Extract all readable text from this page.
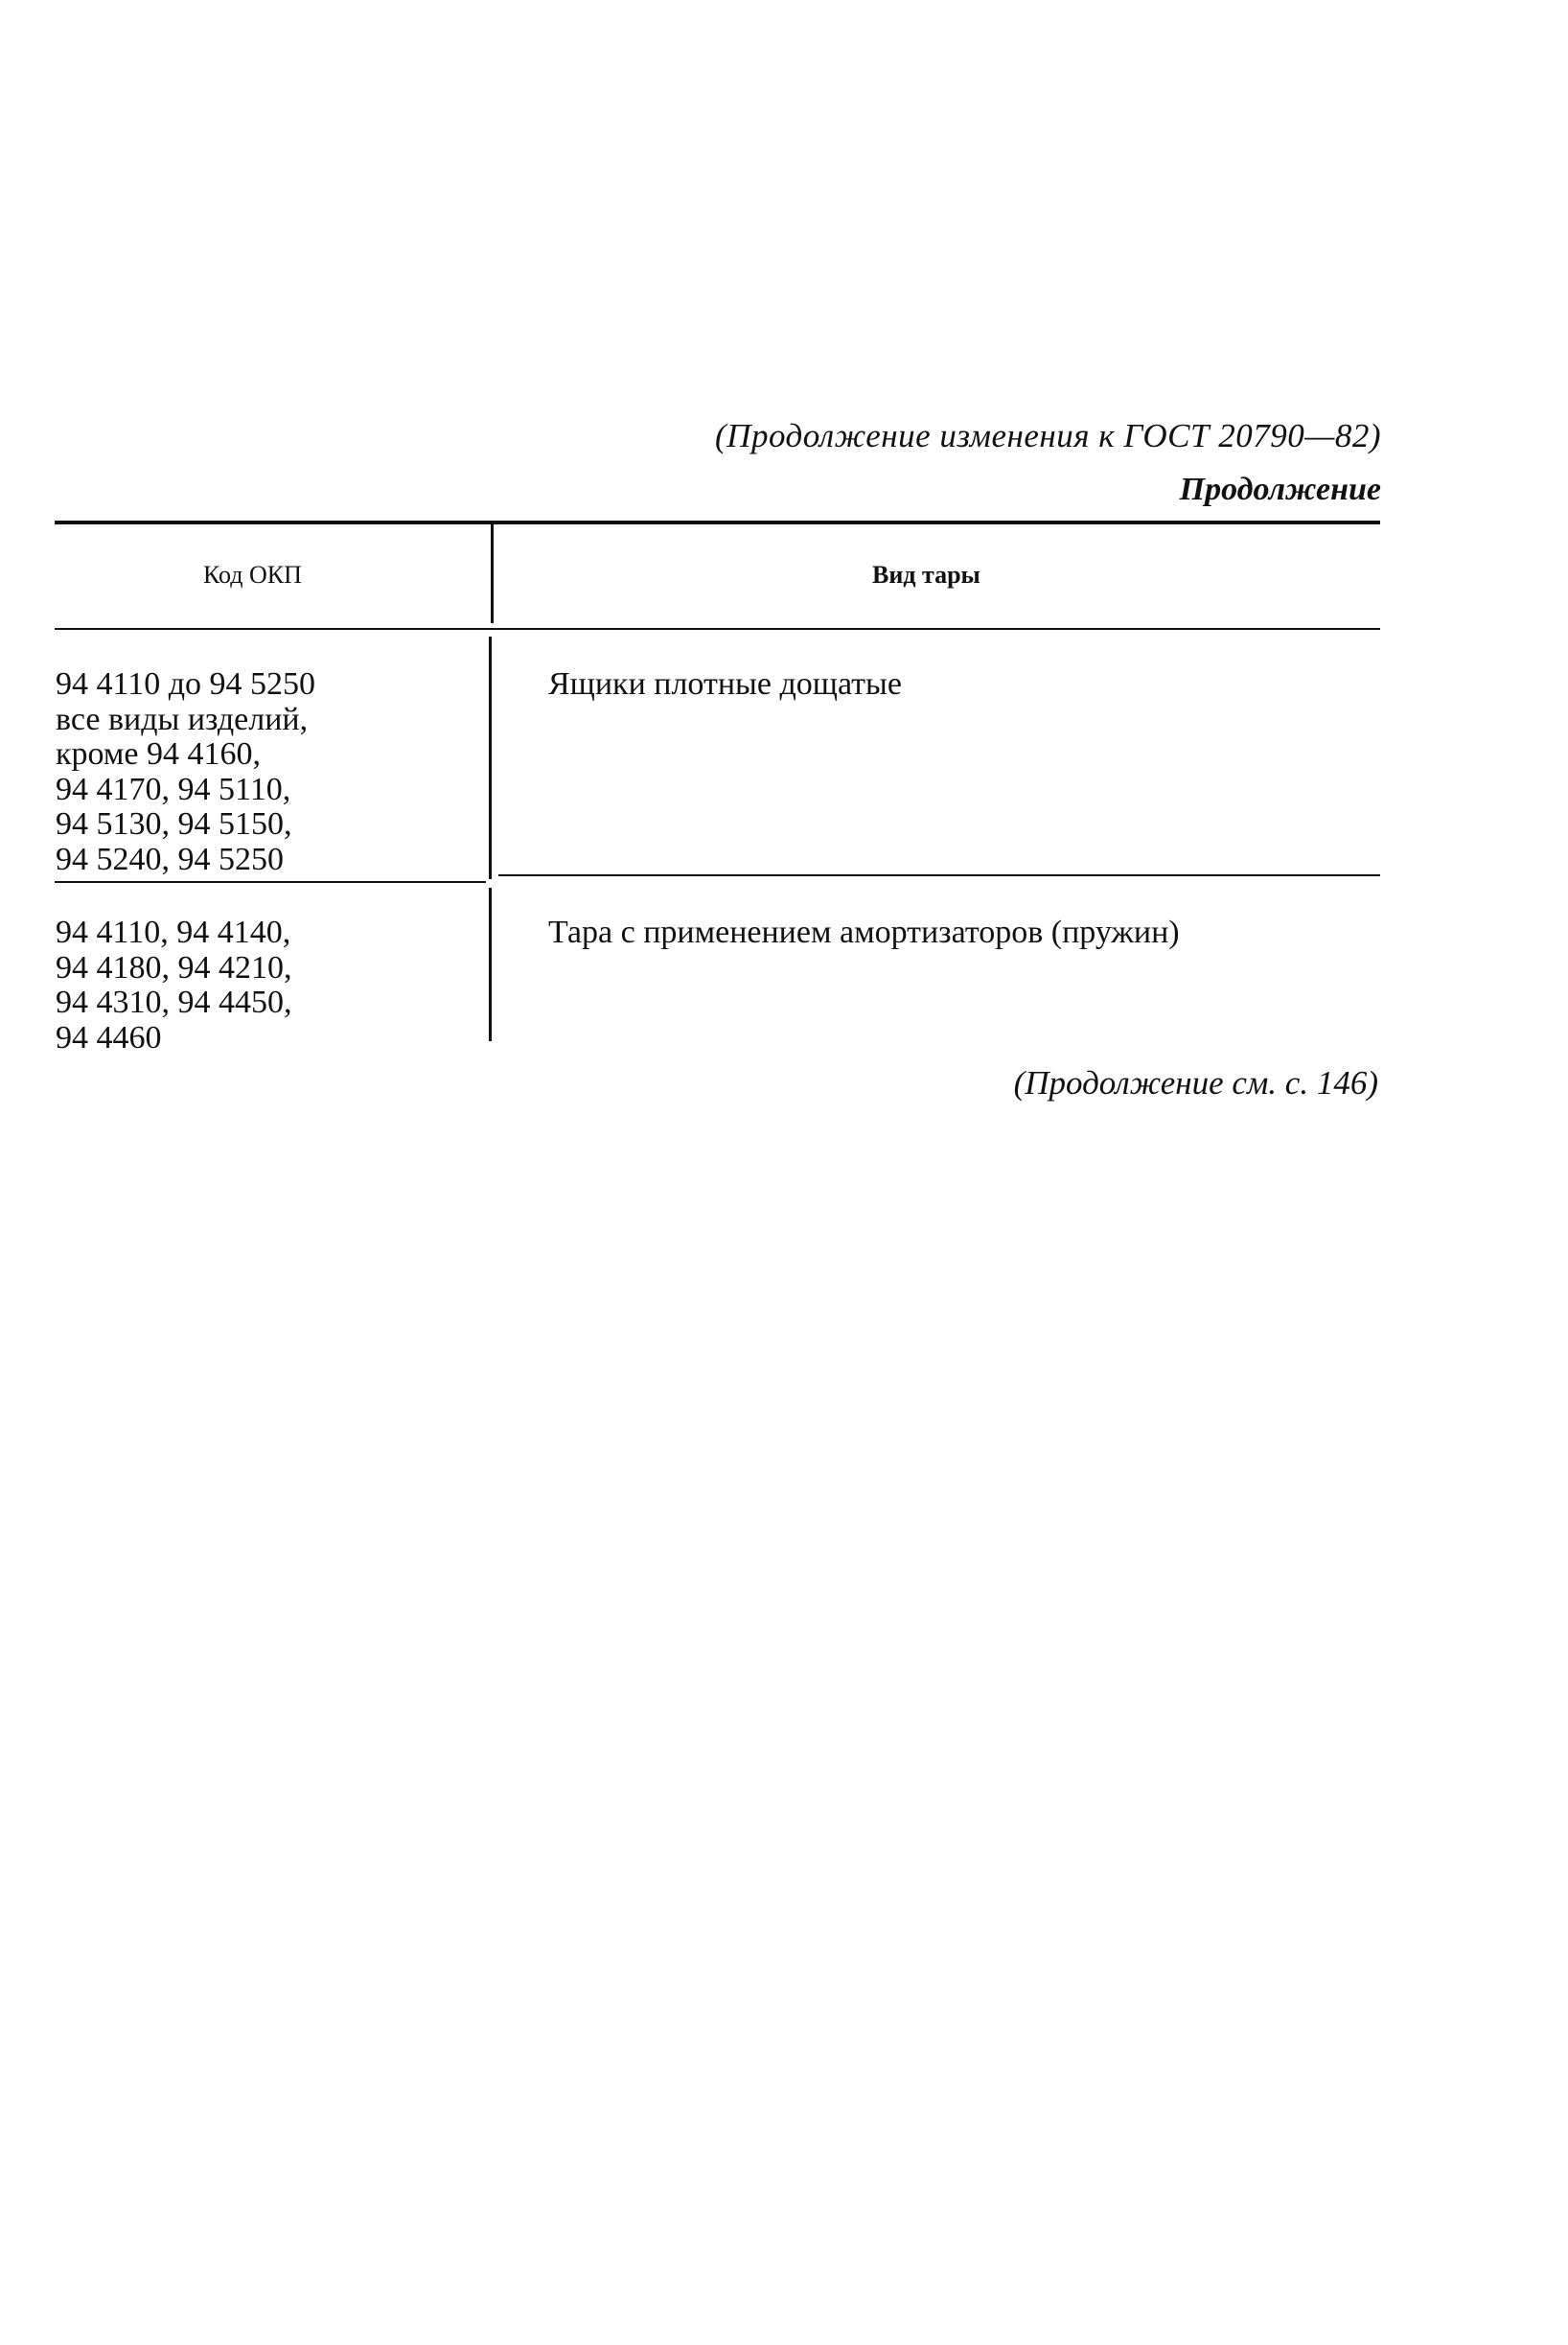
(Продолжение изменения к ГОСТ 20790—82)
Продолжение
Код ОКП	Вид тары
94 4110 до 94 5250
все виды изделий,
кроме 94 4160,
94 4170, 94 5110,
94 5130, 94 5150,
94 5240, 94 5250
Ящики плотные дощатые
94 4110, 94 4140,
94 4180, 94 4210,
94 4310, 94 4450,
94 4460
Тара с применением амортизаторов (пружин)
(Продолжение см. с. 146)
